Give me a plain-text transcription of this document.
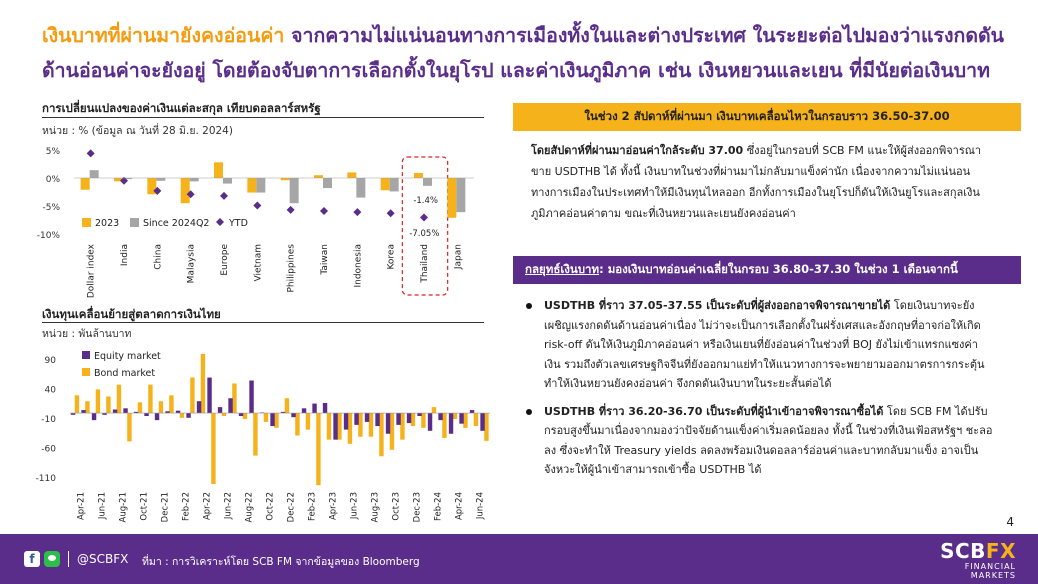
เงินบาทที่ผ่านมายังคงอ่อนค่า จากความไม่แน่นอนทางการเมืองทั้งในและต่างประเทศ ในระยะต่อไปมองว่าแรงกดดันด้านอ่อนค่าจะยังอยู่ โดยต้องจับตาการเลือกตั้งในยุโรป และค่าเงินภูมิภาค เช่น เงินหยวนและเยน ที่มีนัยต่อเงินบาท
การเปลี่ยนแปลงของค่าเงินแต่ละสกุล เทียบดอลลาร์สหรัฐ
หน่วย : % (ข้อมูล ณ วันที่ 28 มิ.ย. 2024)
5%
0%
-5%
-10%
Dollar index	India	China	Malaysia	Europe	Vietnam	Philippines	Taiwan	Indonesia	Korea	Thailand	Japan
-1.4%
-7.05%
2023	Since 2024Q2 YTD
เงินทุนเคลื่อนย้ายสู่ตลาดการเงินไทย
หน่วย : พันล้านบาท
90
40
-10
-60
-110
Apr-21 Jun-21 Aug-21 Oct-21 Dec-21 Feb-22 Apr-22 Jun-22 Aug-22 Oct-22 Dec-22 Feb-23 Apr-23 Jun-23 Aug-23 Oct-23 Dec-23 Feb-24 Apr-24 Jun-24
Equity market
Bond market
ในช่วง 2 สัปดาห์ที่ผ่านมา เงินบาทเคลื่อนไหวในกรอบราว 36.50-37.00
โดยสัปดาห์ที่ผ่านมาอ่อนค่าใกล้ระดับ 37.00 ซึ่งอยู่ในกรอบที่ SCB FM แนะให้ผู้ส่งออกพิจารณาขาย USDTHB ได้ ทั้งนี้ เงินบาทในช่วงที่ผ่านมาไม่กลับมาแข็งค่านัก เนื่องจากความไม่แน่นอนทางการเมืองในประเทศทำให้มีเงินทุนไหลออก อีกทั้งการเมืองในยุโรปก็ดันให้เงินยูโรและสกุลเงินภูมิภาคอ่อนค่าตาม ขณะที่เงินหยวนและเยนยังคงอ่อนค่า
กลยุทธ์เงินบาท : มองเงินบาทอ่อนค่าเฉลี่ยในกรอบ 36.80-37.30 ในช่วง 1 เดือนจากนี้
USDTHB ที่ราว 37.05-37.55 เป็นระดับที่ผู้ส่งออกอาจพิจารณาขายได้ โดยเงินบาทจะยังเผชิญแรงกดดันด้านอ่อนค่าเนื่อง ไม่ว่าจะเป็นการเลือกตั้งในฝรั่งเศสและอังกฤษที่อาจก่อให้เกิด risk-off ดันให้เงินภูมิภาคอ่อนค่า หรือเงินเยนที่ยังอ่อนค่าในช่วงที่ BOJ ยังไม่เข้าแทรกแซงค่าเงิน รวมถึงตัวเลขเศรษฐกิจจีนที่ยังออกมาแย่ทำให้แนวทางการจะพยายามออกมาตรการกระตุ้น ทำให้เงินหยวนยังคงอ่อนค่า จึงกดดันเงินบาทในระยะสั้นต่อได้
USDTHB ที่ราว 36.20-36.70 เป็นระดับที่ผู้นำเข้าอาจพิจารณาซื้อได้ โดย SCB FM ได้ปรับกรอบสูงขึ้นมาเนื่องจากมองว่าปัจจัยด้านแข็งค่าเริ่มลดน้อยลง ทั้งนี้ ในช่วงที่เงินเฟ้อสหรัฐฯ ชะลอลง ซึ่งจะทำให้ Treasury yields ลดลงพร้อมเงินดอลลาร์อ่อนค่าและบาทกลับมาแข็ง อาจเป็นจังหวะให้ผู้นำเข้าสามารถเข้าซื้อ USDTHB ได้
4
f	@SCBFX ที่มา : การวิเคราะห์โดย SCB FM จากข้อมูลของ Bloomberg	SCBFX
FINANCIAL
MARKETS
